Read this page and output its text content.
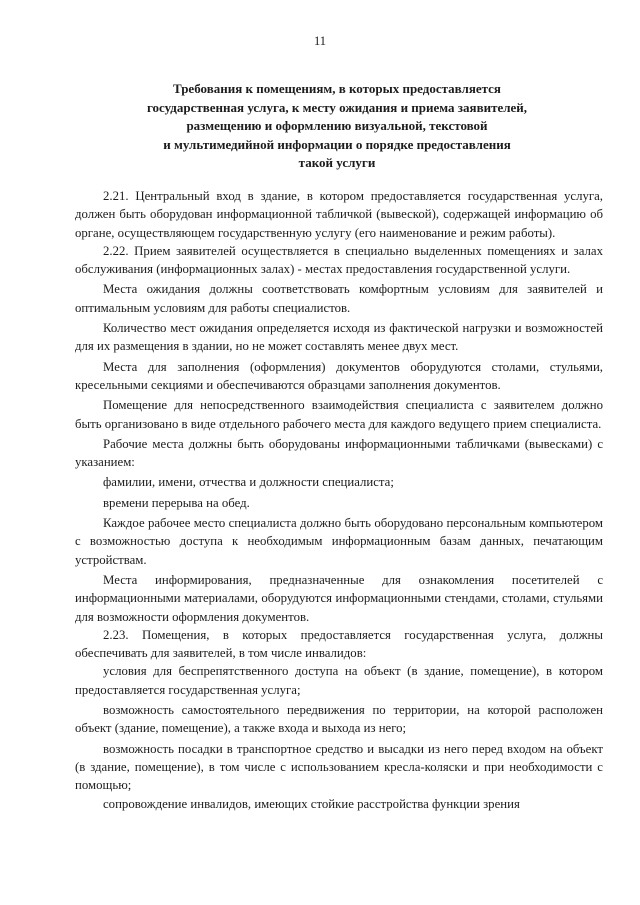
11
Требования к помещениям, в которых предоставляется
государственная услуга, к месту ожидания и приема заявителей,
размещению и оформлению визуальной, текстовой
и мультимедийной информации о порядке предоставления
такой услуги

2.21. Центральный вход в здание, в котором предоставляется государственная услуга, должен быть оборудован информационной табличкой (вывеской), содержащей информацию об органе, осуществляющем государственную услугу (его наименование и режим работы).

2.22. Прием заявителей осуществляется в специально выделенных помещениях и залах обслуживания (информационных залах) - местах предоставления государственной услуги.

Места ожидания должны соответствовать комфортным условиям для заявителей и оптимальным условиям для работы специалистов.

Количество мест ожидания определяется исходя из фактической нагрузки и возможностей для их размещения в здании, но не может составлять менее двух мест.

Места для заполнения (оформления) документов оборудуются столами, стульями, кресельными секциями и обеспечиваются образцами заполнения документов.

Помещение для непосредственного взаимодействия специалиста с заявителем должно быть организовано в виде отдельного рабочего места для каждого ведущего прием специалиста.

Рабочие места должны быть оборудованы информационными табличками (вывесками) с указанием:

фамилии, имени, отчества и должности специалиста;

времени перерыва на обед.

Каждое рабочее место специалиста должно быть оборудовано персональным компьютером с возможностью доступа к необходимым информационным базам данных, печатающим устройствам.

Места информирования, предназначенные для ознакомления посетителей с информационными материалами, оборудуются информационными стендами, столами, стульями для возможности оформления документов.

2.23. Помещения, в которых предоставляется государственная услуга, должны обеспечивать для заявителей, в том числе инвалидов:

условия для беспрепятственного доступа на объект (в здание, помещение), в котором предоставляется государственная услуга;

возможность самостоятельного передвижения по территории, на которой расположен объект (здание, помещение), а также входа и выхода из него;

возможность посадки в транспортное средство и высадки из него перед входом на объект (в здание, помещение), в том числе с использованием кресла-коляски и при необходимости с помощью;

сопровождение инвалидов, имеющих стойкие расстройства функции зрения
